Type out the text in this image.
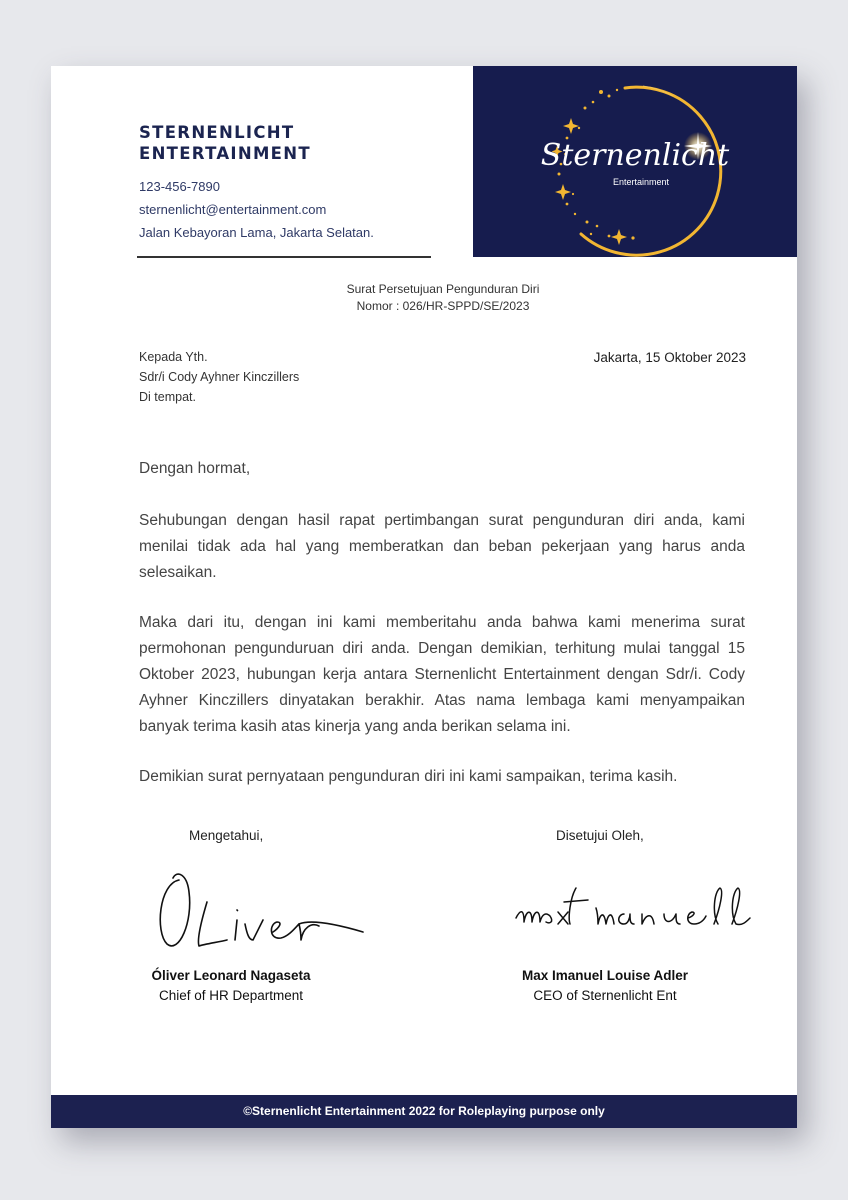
STERNENLICHT ENTERTAINMENT
123-456-7890
sternenlicht@entertainment.com
Jalan Kebayoran Lama, Jakarta Selatan.
Sternenlicht
Entertainment
Surat Persetujuan Pengunduran Diri
Nomor : 026/HR-SPPD/SE/2023
Kepada Yth.
Sdr/i Cody Ayhner Kinczillers
Di tempat.
Jakarta, 15 Oktober 2023
Dengan hormat,

Sehubungan dengan hasil rapat pertimbangan surat pengunduran diri anda, kami menilai tidak ada hal yang memberatkan dan beban pekerjaan yang harus anda selesaikan.

Maka dari itu, dengan ini kami memberitahu anda bahwa kami menerima surat permohonan pengunduruan diri anda. Dengan demikian, terhitung mulai tanggal 15 Oktober 2023, hubungan kerja antara Sternenlicht Entertainment dengan Sdr/i. Cody Ayhner Kinczillers dinyatakan berakhir. Atas nama lembaga kami menyampaikan banyak terima kasih atas kinerja yang anda berikan selama ini.

Demikian surat pernyataan pengunduran diri ini kami sampaikan, terima kasih.

Mengetahui,	Disetujui Oleh,
Óliver Leonard Nagaseta
Chief of HR Department
Max Imanuel Louise Adler
CEO of Sternenlicht Ent
©Sternenlicht Entertainment 2022 for Roleplaying purpose only
